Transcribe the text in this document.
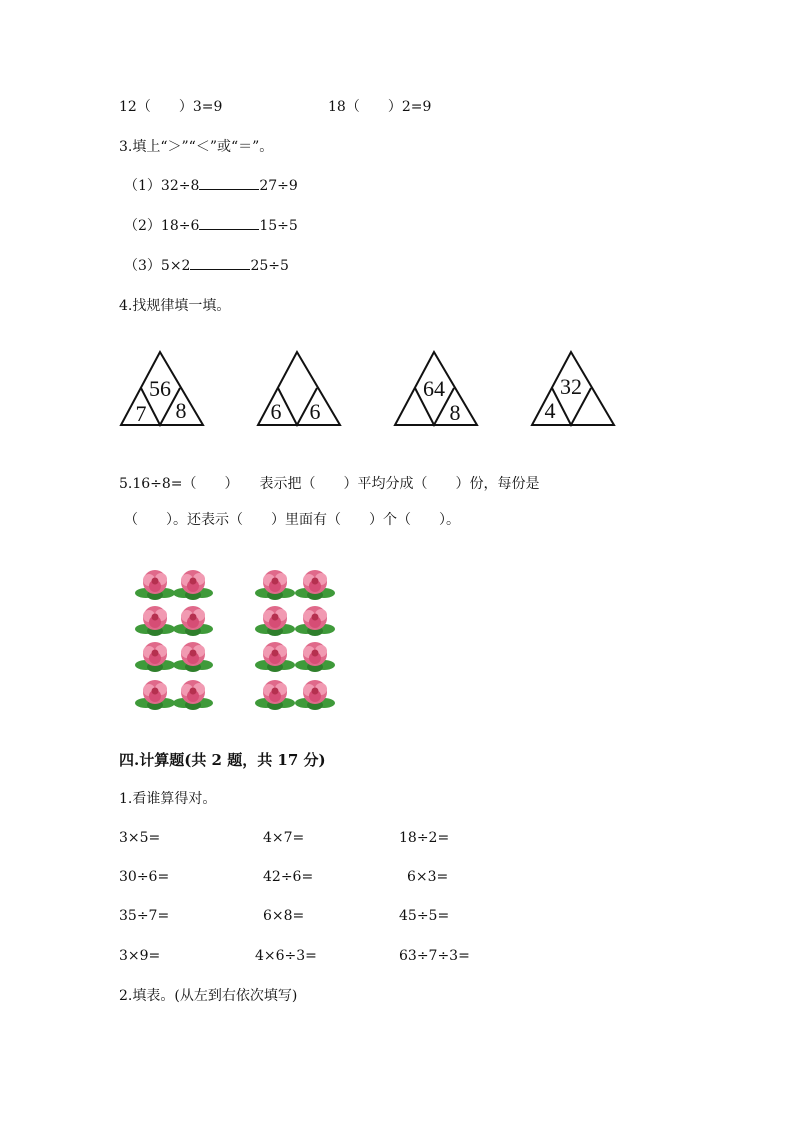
12（　　）3=9	18（　　）2=9
3.填上“＞”“＜”或“＝”。
（1）32÷8	27÷9
（2）18÷6	15÷5
（3）5×2	25÷5
4.找规律填一填。
56
7 8	6 6
64
8
32
4
5.16÷8=（　　）　　表示把（　　）平均分成（　　）份，每份是
（　　）。还表示（　　）里面有（　　）个（　　）。
四.计算题(共 2 题，共 17 分)
1.看谁算得对。
3×5=	4×7=	18÷2=
30÷6=	42÷6=	6×3=
35÷7=	6×8=	45÷5=
3×9=	4×6÷3=	63÷7÷3=
2.填表。(从左到右依次填写)
